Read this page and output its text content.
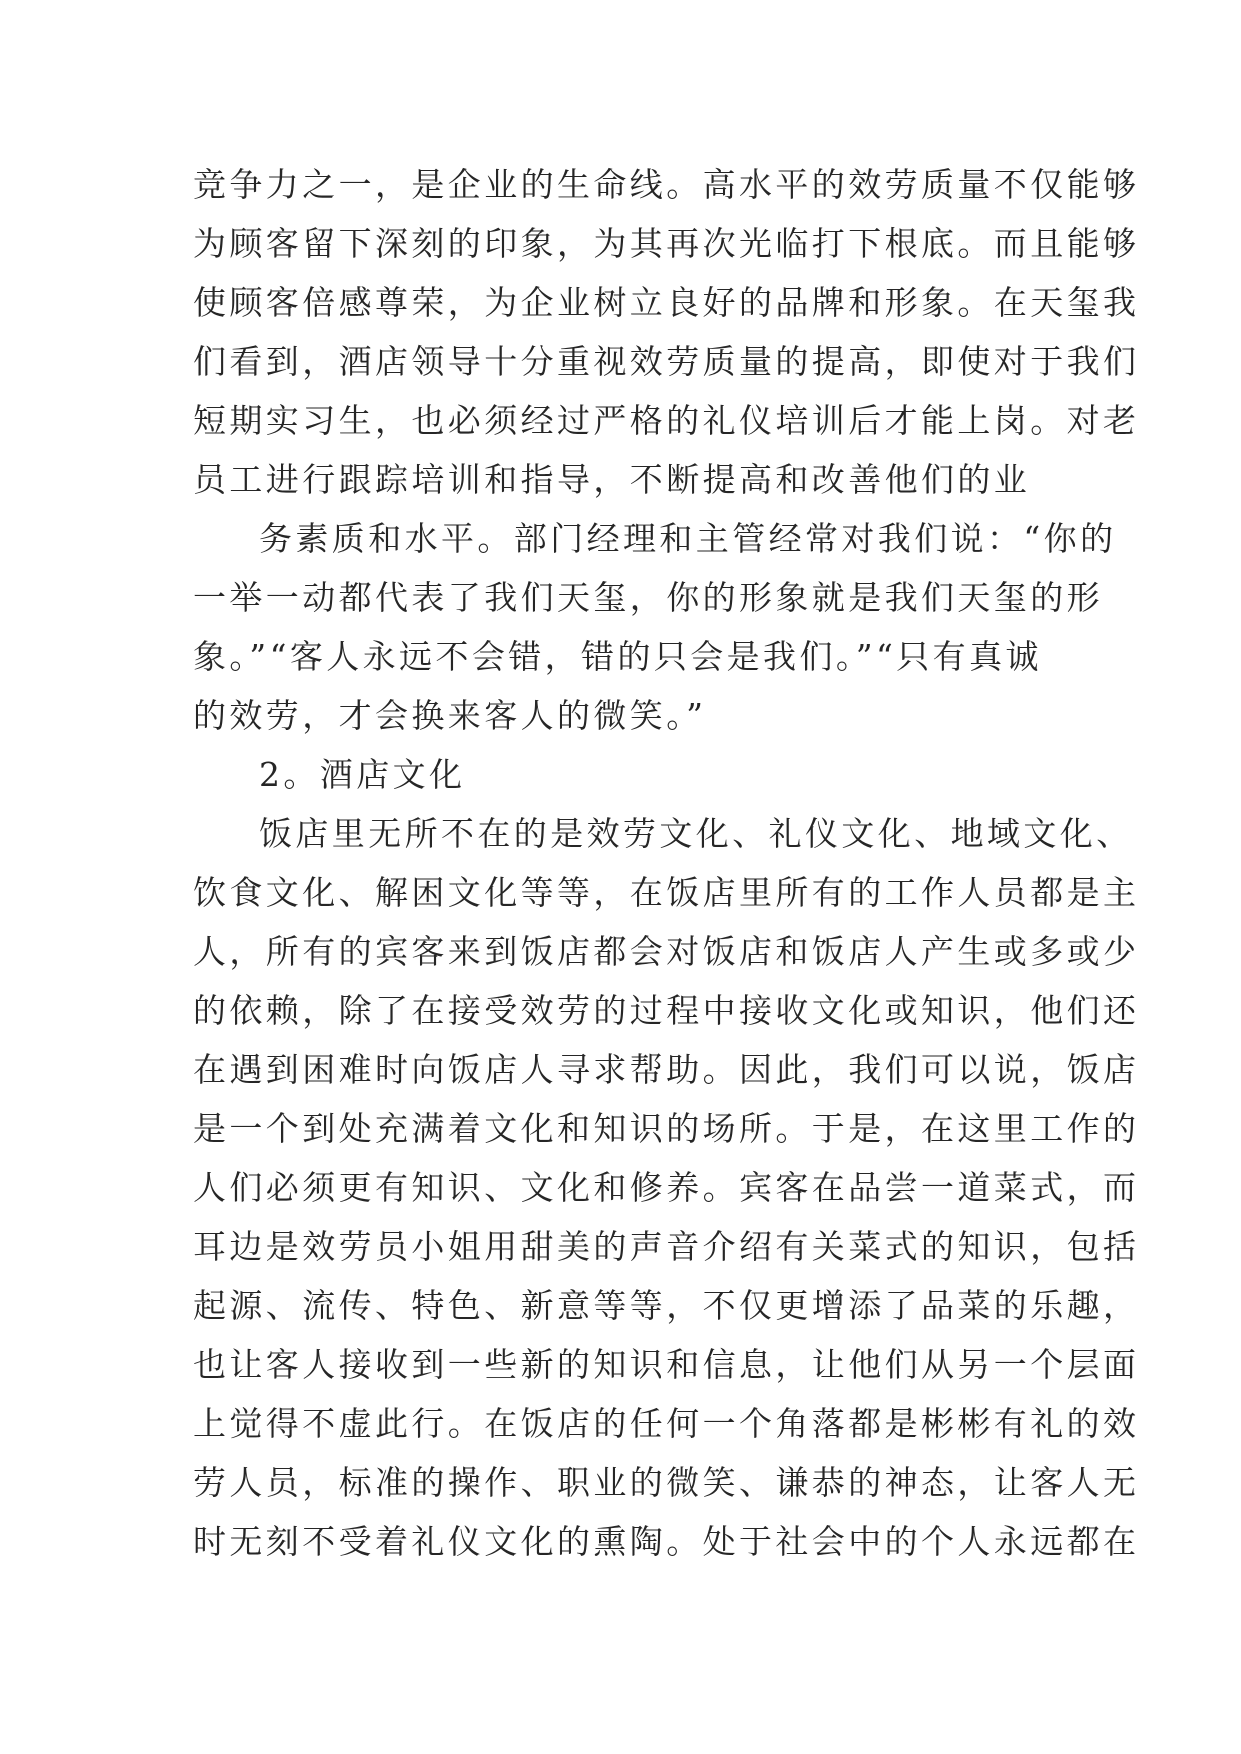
竞争力之一，是企业的生命线。高水平的效劳质量不仅能够
为顾客留下深刻的印象，为其再次光临打下根底。而且能够
使顾客倍感尊荣，为企业树立良好的品牌和形象。在天玺我
们看到，酒店领导十分重视效劳质量的提高，即使对于我们
短期实习生，也必须经过严格的礼仪培训后才能上岗。对老
员工进行跟踪培训和指导，不断提高和改善他们的业
务素质和水平。部门经理和主管经常对我们说：“你的
一举一动都代表了我们天玺，你的形象就是我们天玺的形
象。”“客人永远不会错，错的只会是我们。”“只有真诚
的效劳，才会换来客人的微笑。”
2。酒店文化
饭店里无所不在的是效劳文化、礼仪文化、地域文化、
饮食文化、解困文化等等，在饭店里所有的工作人员都是主
人，所有的宾客来到饭店都会对饭店和饭店人产生或多或少
的依赖，除了在接受效劳的过程中接收文化或知识，他们还
在遇到困难时向饭店人寻求帮助。因此，我们可以说，饭店
是一个到处充满着文化和知识的场所。于是，在这里工作的
人们必须更有知识、文化和修养。宾客在品尝一道菜式，而
耳边是效劳员小姐用甜美的声音介绍有关菜式的知识，包括
起源、流传、特色、新意等等，不仅更增添了品菜的乐趣，
也让客人接收到一些新的知识和信息，让他们从另一个层面
上觉得不虚此行。在饭店的任何一个角落都是彬彬有礼的效
劳人员，标准的操作、职业的微笑、谦恭的神态，让客人无
时无刻不受着礼仪文化的熏陶。处于社会中的个人永远都在
